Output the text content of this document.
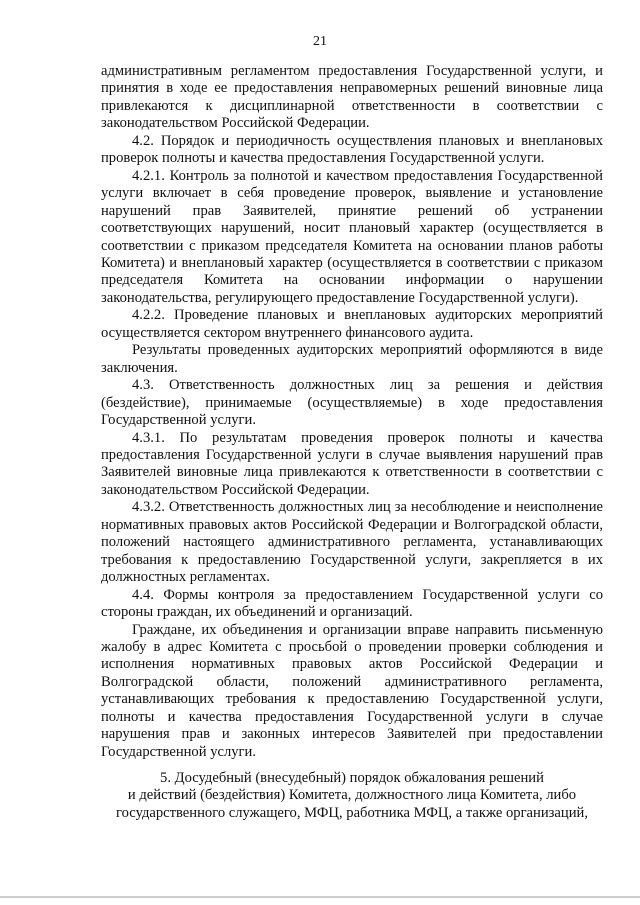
21

административным регламентом предоставления Государственной услуги, и принятия в ходе ее предоставления неправомерных решений виновные лица привлекаются к дисциплинарной ответственности в соответствии с законодательством Российской Федерации.

4.2. Порядок и периодичность осуществления плановых и внеплановых проверок полноты и качества предоставления Государственной услуги.

4.2.1. Контроль за полнотой и качеством предоставления Государственной услуги включает в себя проведение проверок, выявление и установление нарушений прав Заявителей, принятие решений об устранении соответствующих нарушений, носит плановый характер (осуществляется в соответствии с приказом председателя Комитета на основании планов работы Комитета) и внеплановый характер (осуществляется в соответствии с приказом председателя Комитета на основании информации о нарушении законодательства, регулирующего предоставление Государственной услуги).

4.2.2. Проведение плановых и внеплановых аудиторских мероприятий осуществляется сектором внутреннего финансового аудита.

Результаты проведенных аудиторских мероприятий оформляются в виде заключения.

4.3. Ответственность должностных лиц за решения и действия (бездействие), принимаемые (осуществляемые) в ходе предоставления Государственной услуги.

4.3.1. По результатам проведения проверок полноты и качества предоставления Государственной услуги в случае выявления нарушений прав Заявителей виновные лица привлекаются к ответственности в соответствии с законодательством Российской Федерации.

4.3.2. Ответственность должностных лиц за несоблюдение и неисполнение нормативных правовых актов Российской Федерации и Волгоградской области, положений настоящего административного регламента, устанавливающих требования к предоставлению Государственной услуги, закрепляется в их должностных регламентах.

4.4. Формы контроля за предоставлением Государственной услуги со стороны граждан, их объединений и организаций.

Граждане, их объединения и организации вправе направить письменную жалобу в адрес Комитета с просьбой о проведении проверки соблюдения и исполнения нормативных правовых актов Российской Федерации и Волгоградской области, положений административного регламента, устанавливающих требования к предоставлению Государственной услуги, полноты и качества предоставления Государственной услуги в случае нарушения прав и законных интересов Заявителей при предоставлении Государственной услуги.

5. Досудебный (внесудебный) порядок обжалования решений
и действий (бездействия) Комитета, должностного лица Комитета, либо
государственного служащего, МФЦ, работника МФЦ, а также организаций,
